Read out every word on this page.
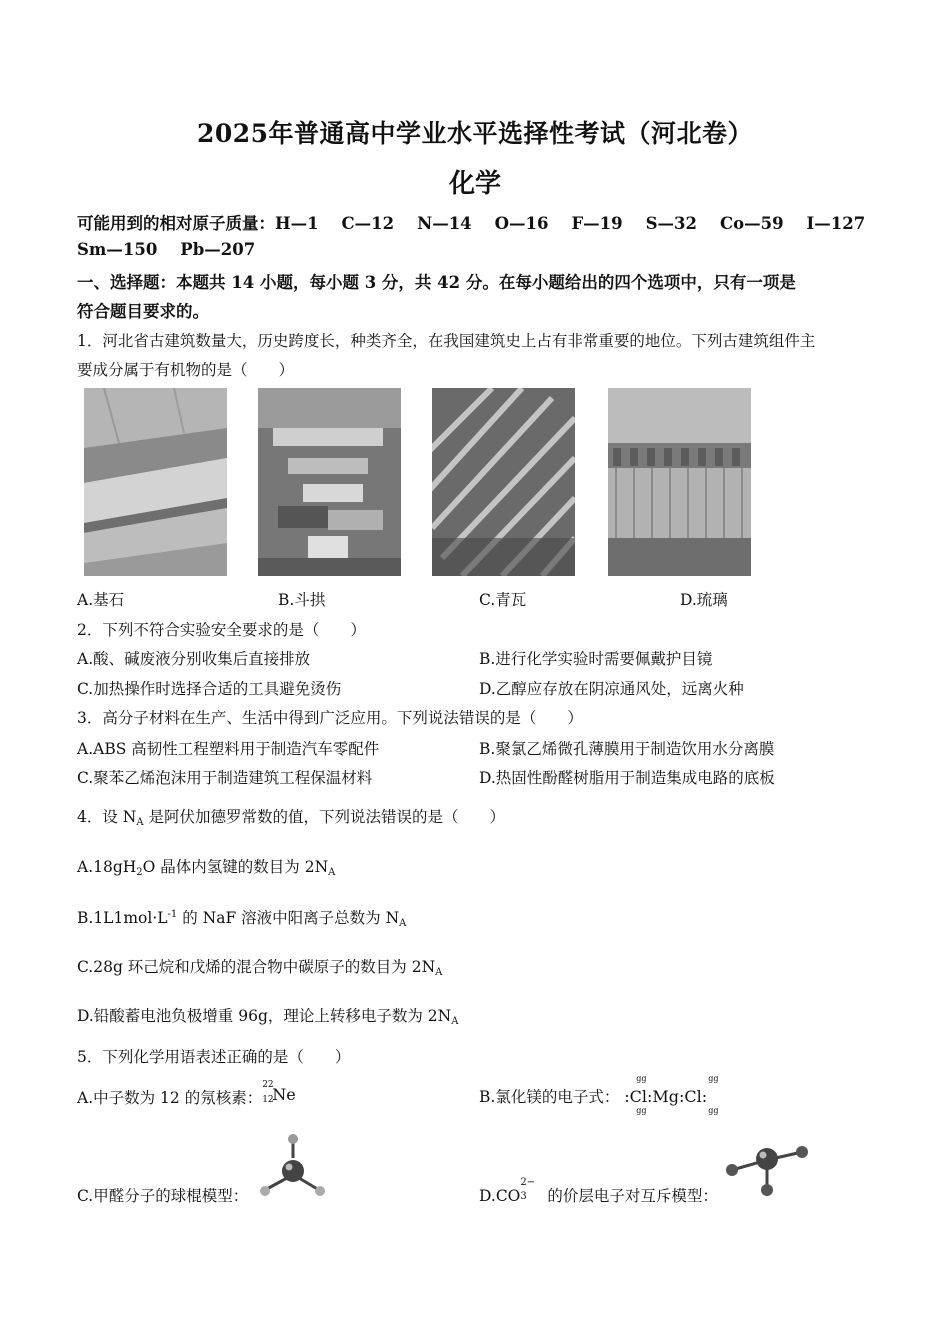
2025年普通高中学业水平选择性考试（河北卷）
化学
可能用到的相对原子质量：H—1    C—12    N—14    O—16    F—19    S—32    Co—59    I—127
Sm—150    Pb—207
一、选择题：本题共 14 小题，每小题 3 分，共 42 分。在每小题给出的四个选项中，只有一项是
符合题目要求的。
1．河北省古建筑数量大，历史跨度长，种类齐全，在我国建筑史上占有非常重要的地位。下列古建筑组件主
要成分属于有机物的是（　　）
A.基石	B.斗拱	C.青瓦	D.琉璃
2．下列不符合实验安全要求的是（　　）
A.酸、碱废液分别收集后直接排放	B.进行化学实验时需要佩戴护目镜
C.加热操作时选择合适的工具避免烫伤	D.乙醇应存放在阴凉通风处，远离火种
3．高分子材料在生产、生活中得到广泛应用。下列说法错误的是（　　）
A.ABS 高韧性工程塑料用于制造汽车零配件	B.聚氯乙烯微孔薄膜用于制造饮用水分离膜
C.聚苯乙烯泡沫用于制造建筑工程保温材料	D.热固性酚醛树脂用于制造集成电路的底板
4．设 $N_A$ 是阿伏加德罗常数的值，下列说法错误的是（　　）
$A.18gH_2O$ 晶体内氢键的数目为 $2N_A$
$B.1L1mol\cdot L^{-1}$ 的 NaF 溶液中阳离子总数为 $N_A$
C.28g 环己烷和戊烯的混合物中碳原子的数目为 $2N_A$
D.铅酸蓄电池负极增重 96g，理论上转移电子数为 $2N_A$
5．下列化学用语表述正确的是（　　）
A.中子数为 12 的氖核素：
22
12
Ne	B.氯化镁的电子式：
gg	gg
:Cl:Mg:Cl:
gg	gg
C.甲醛分子的球棍模型：	D.CO
2−
3 的价层电子对互斥模型：
